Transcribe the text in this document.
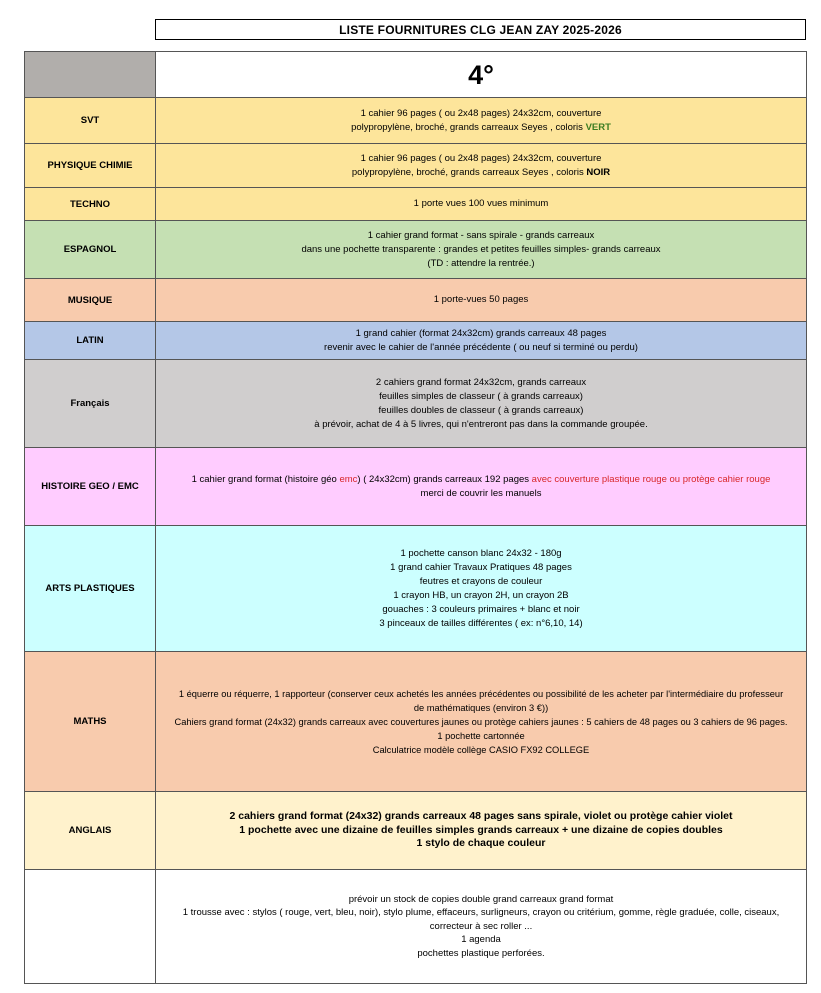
LISTE FOURNITURES CLG JEAN ZAY 2025-2026
4°
SVT
1 cahier 96 pages ( ou 2x48 pages) 24x32cm, couverture
polypropylène, broché, grands carreaux Seyes , coloris VERT
PHYSIQUE CHIMIE
1 cahier 96 pages ( ou 2x48 pages) 24x32cm, couverture
polypropylène, broché, grands carreaux Seyes , coloris NOIR
TECHNO	1 porte vues 100 vues minimum
ESPAGNOL
1 cahier grand format - sans spirale - grands carreaux
dans une pochette transparente : grandes et petites feuilles simples- grands carreaux
(TD : attendre la rentrée.)
MUSIQUE	1 porte-vues 50 pages
LATIN
1 grand cahier (format 24x32cm) grands carreaux 48 pages
revenir avec le cahier de l'année précédente ( ou neuf si terminé ou perdu)
Français
2 cahiers grand format 24x32cm, grands carreaux
feuilles simples de classeur ( à grands carreaux)
feuilles doubles de classeur ( à grands carreaux)
à prévoir, achat de 4 à 5 livres, qui n'entreront pas dans la commande groupée.
HISTOIRE GEO / EMC
1 cahier grand format (histoire géo emc) ( 24x32cm) grands carreaux 192 pages avec couverture plastique rouge ou protège cahier rouge
merci de couvrir les manuels
ARTS PLASTIQUES
1 pochette canson blanc 24x32 - 180g
1 grand cahier Travaux Pratiques 48 pages
feutres et crayons de couleur
1 crayon HB, un crayon 2H, un crayon 2B
gouaches : 3 couleurs primaires + blanc et noir
3 pinceaux de tailles différentes ( ex: n°6,10, 14)
MATHS
1 équerre ou réquerre, 1 rapporteur (conserver ceux achetés les années précédentes ou possibilité de les acheter par l'intermédiaire du professeur
de mathématiques (environ 3 €))
Cahiers grand format (24x32) grands carreaux avec couvertures jaunes ou protège cahiers jaunes : 5 cahiers de 48 pages ou 3 cahiers de 96 pages.
1 pochette cartonnée
Calculatrice modèle collège CASIO FX92 COLLEGE
ANGLAIS
2 cahiers grand format (24x32) grands carreaux 48 pages sans spirale, violet ou protège cahier violet
1 pochette avec une dizaine de feuilles simples grands carreaux + une dizaine de copies doubles
1 stylo de chaque couleur
prévoir un stock de copies double grand carreaux grand format
1 trousse avec : stylos ( rouge, vert, bleu, noir), stylo plume, effaceurs, surligneurs, crayon ou critérium, gomme, règle graduée, colle, ciseaux,
correcteur à sec roller ...
1 agenda
pochettes plastique perforées.
